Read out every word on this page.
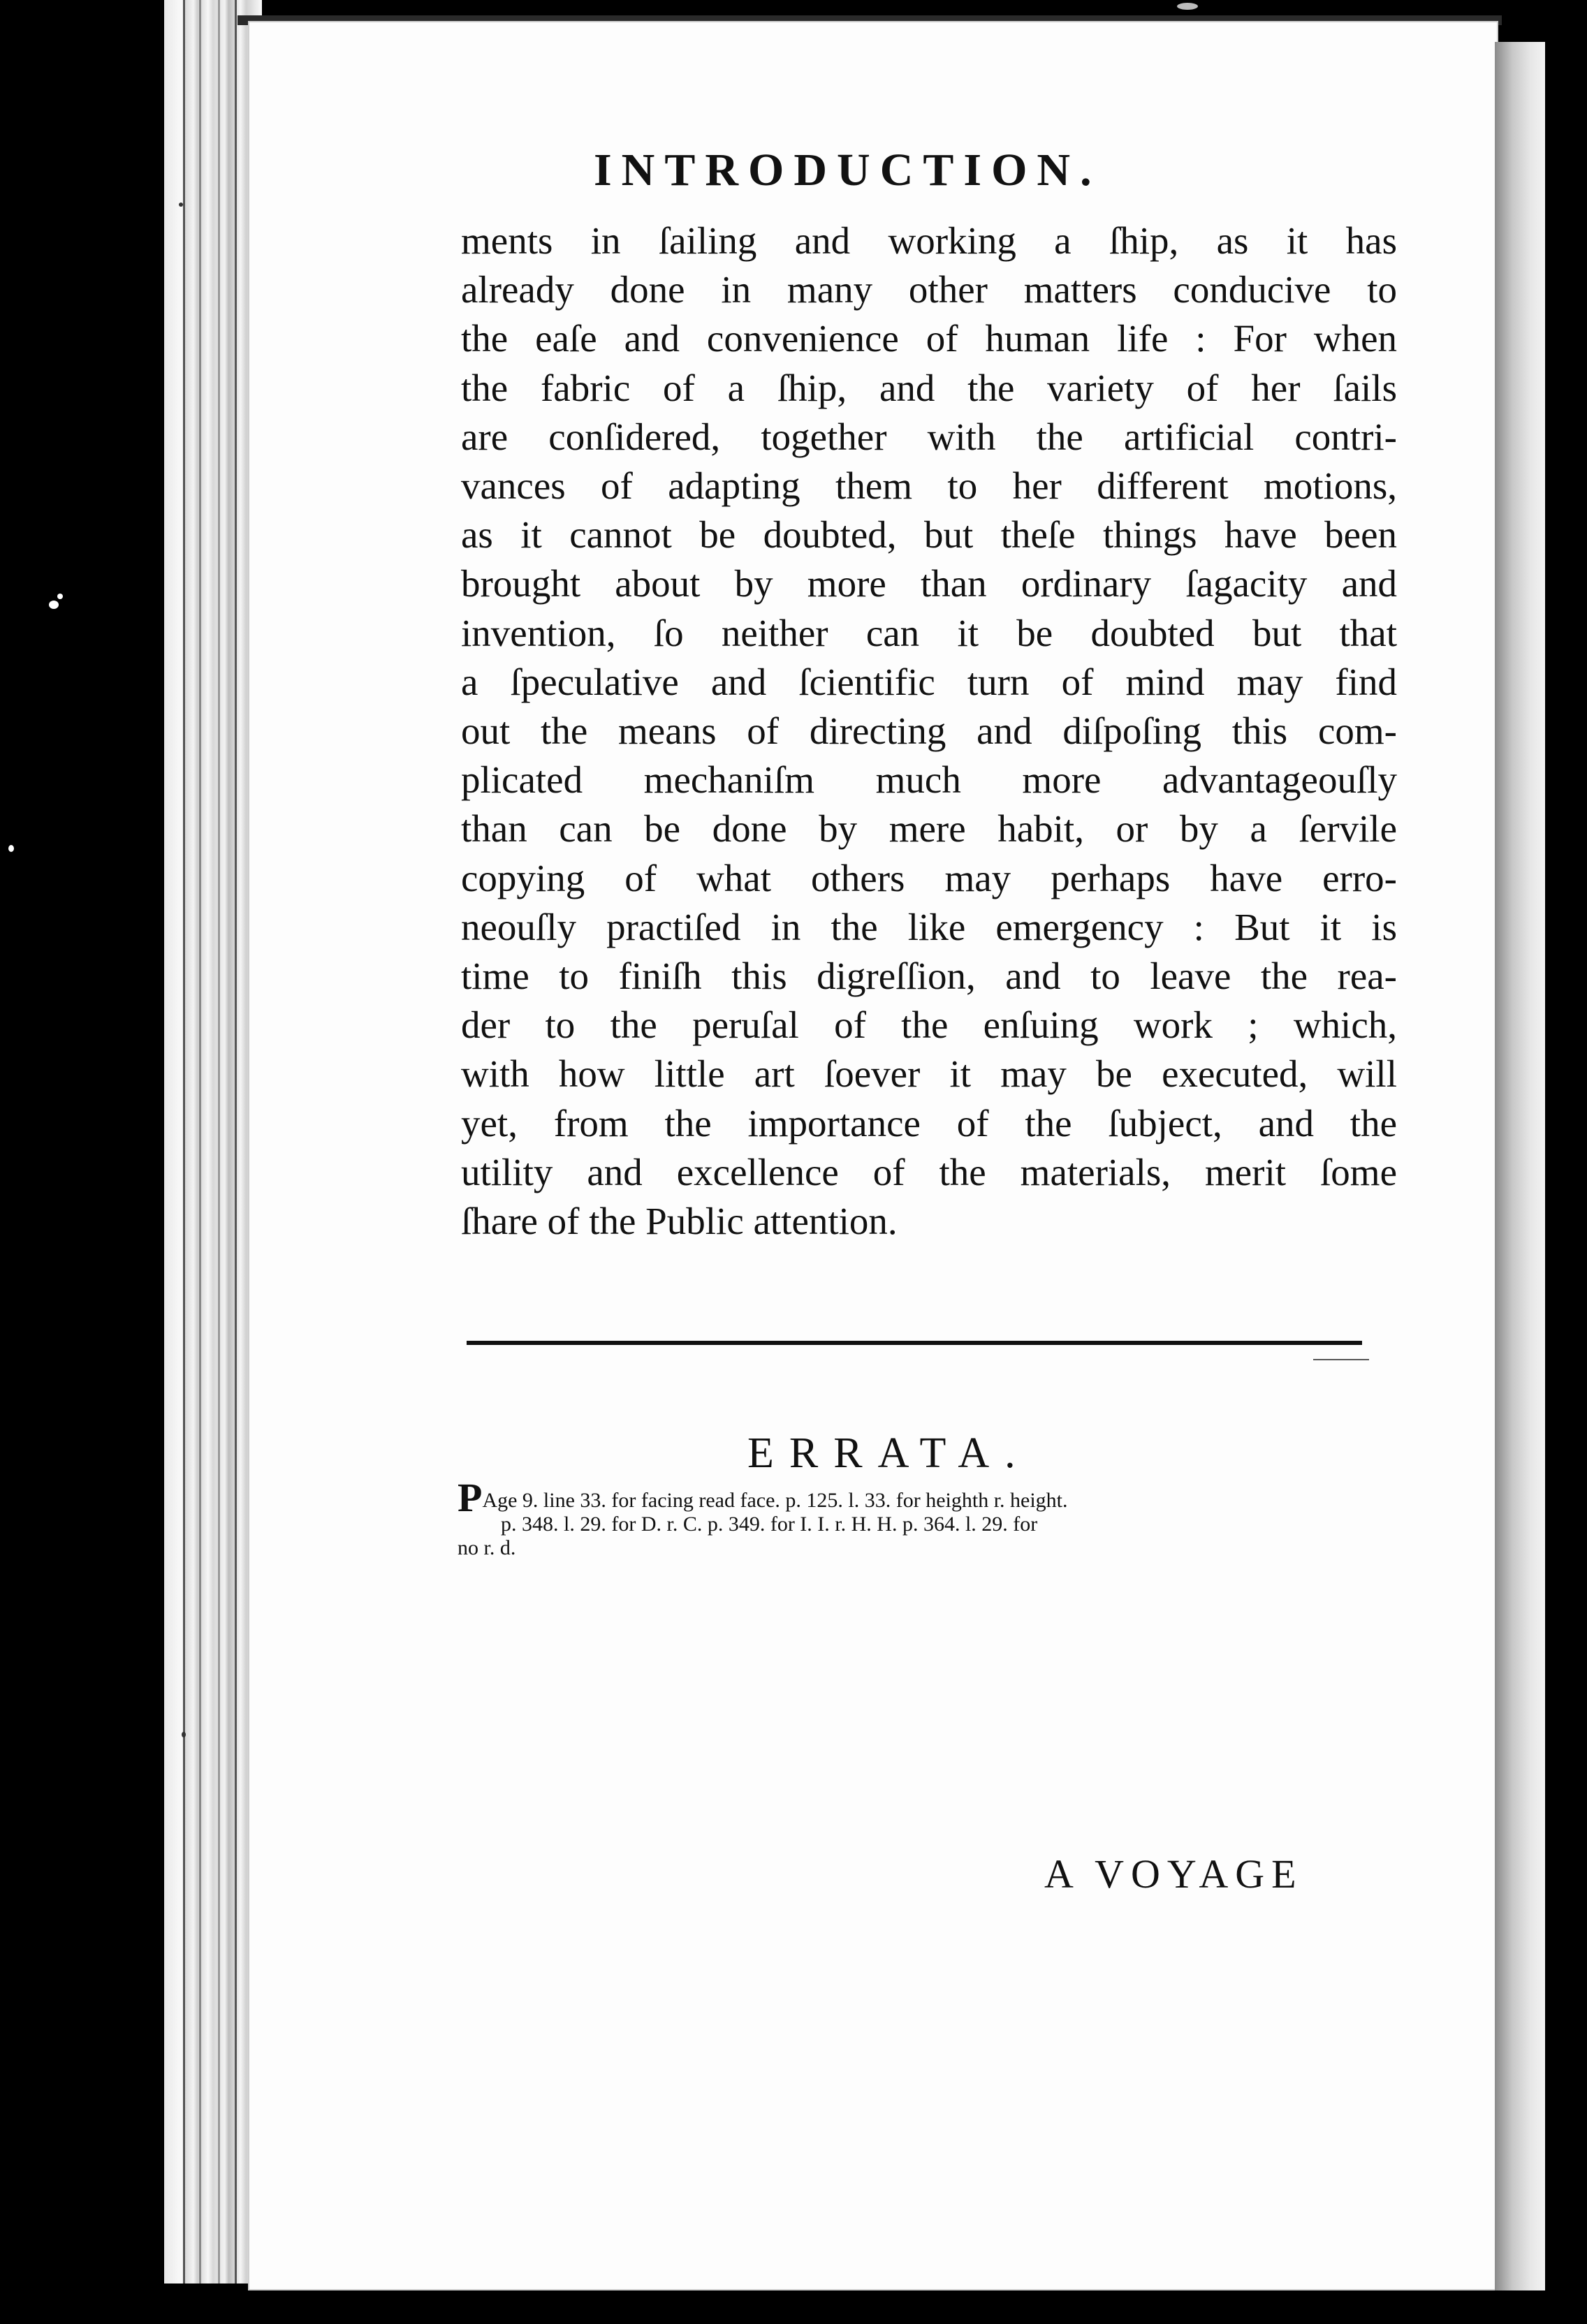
INTRODUCTION.
ments in ſailing and working a ſhip, as it has
already done in many other matters conducive to
the eaſe and convenience of human life : For when
the fabric of a ſhip, and the variety of her ſails
are conſidered, together with the artificial contri-
vances of adapting them to her different motions,
as it cannot be doubted, but theſe things have been
brought about by more than ordinary ſagacity and
invention, ſo neither can it be doubted but that
a ſpeculative and ſcientific turn of mind may find
out the means of directing and diſpoſing this com-
plicated mechaniſm much more advantageouſly
than can be done by mere habit, or by a ſervile
copying of what others may perhaps have erro-
neouſly practiſed in the like emergency : But it is
time to finiſh this digreſſion, and to leave the rea-
der to the peruſal of the enſuing work ; which,
with how little art ſoever it may be executed, will
yet, from the importance of the ſubject, and the
utility and excellence of the materials, merit ſome
ſhare of the Public attention.
ERRATA.
PAge 9. line 33. for facing read face. p. 125. l. 33. for heighth r. height.
p. 348. l. 29. for D. r. C. p. 349. for I. I. r. H. H. p. 364. l. 29. for
no r. d.
A VOYAGE
